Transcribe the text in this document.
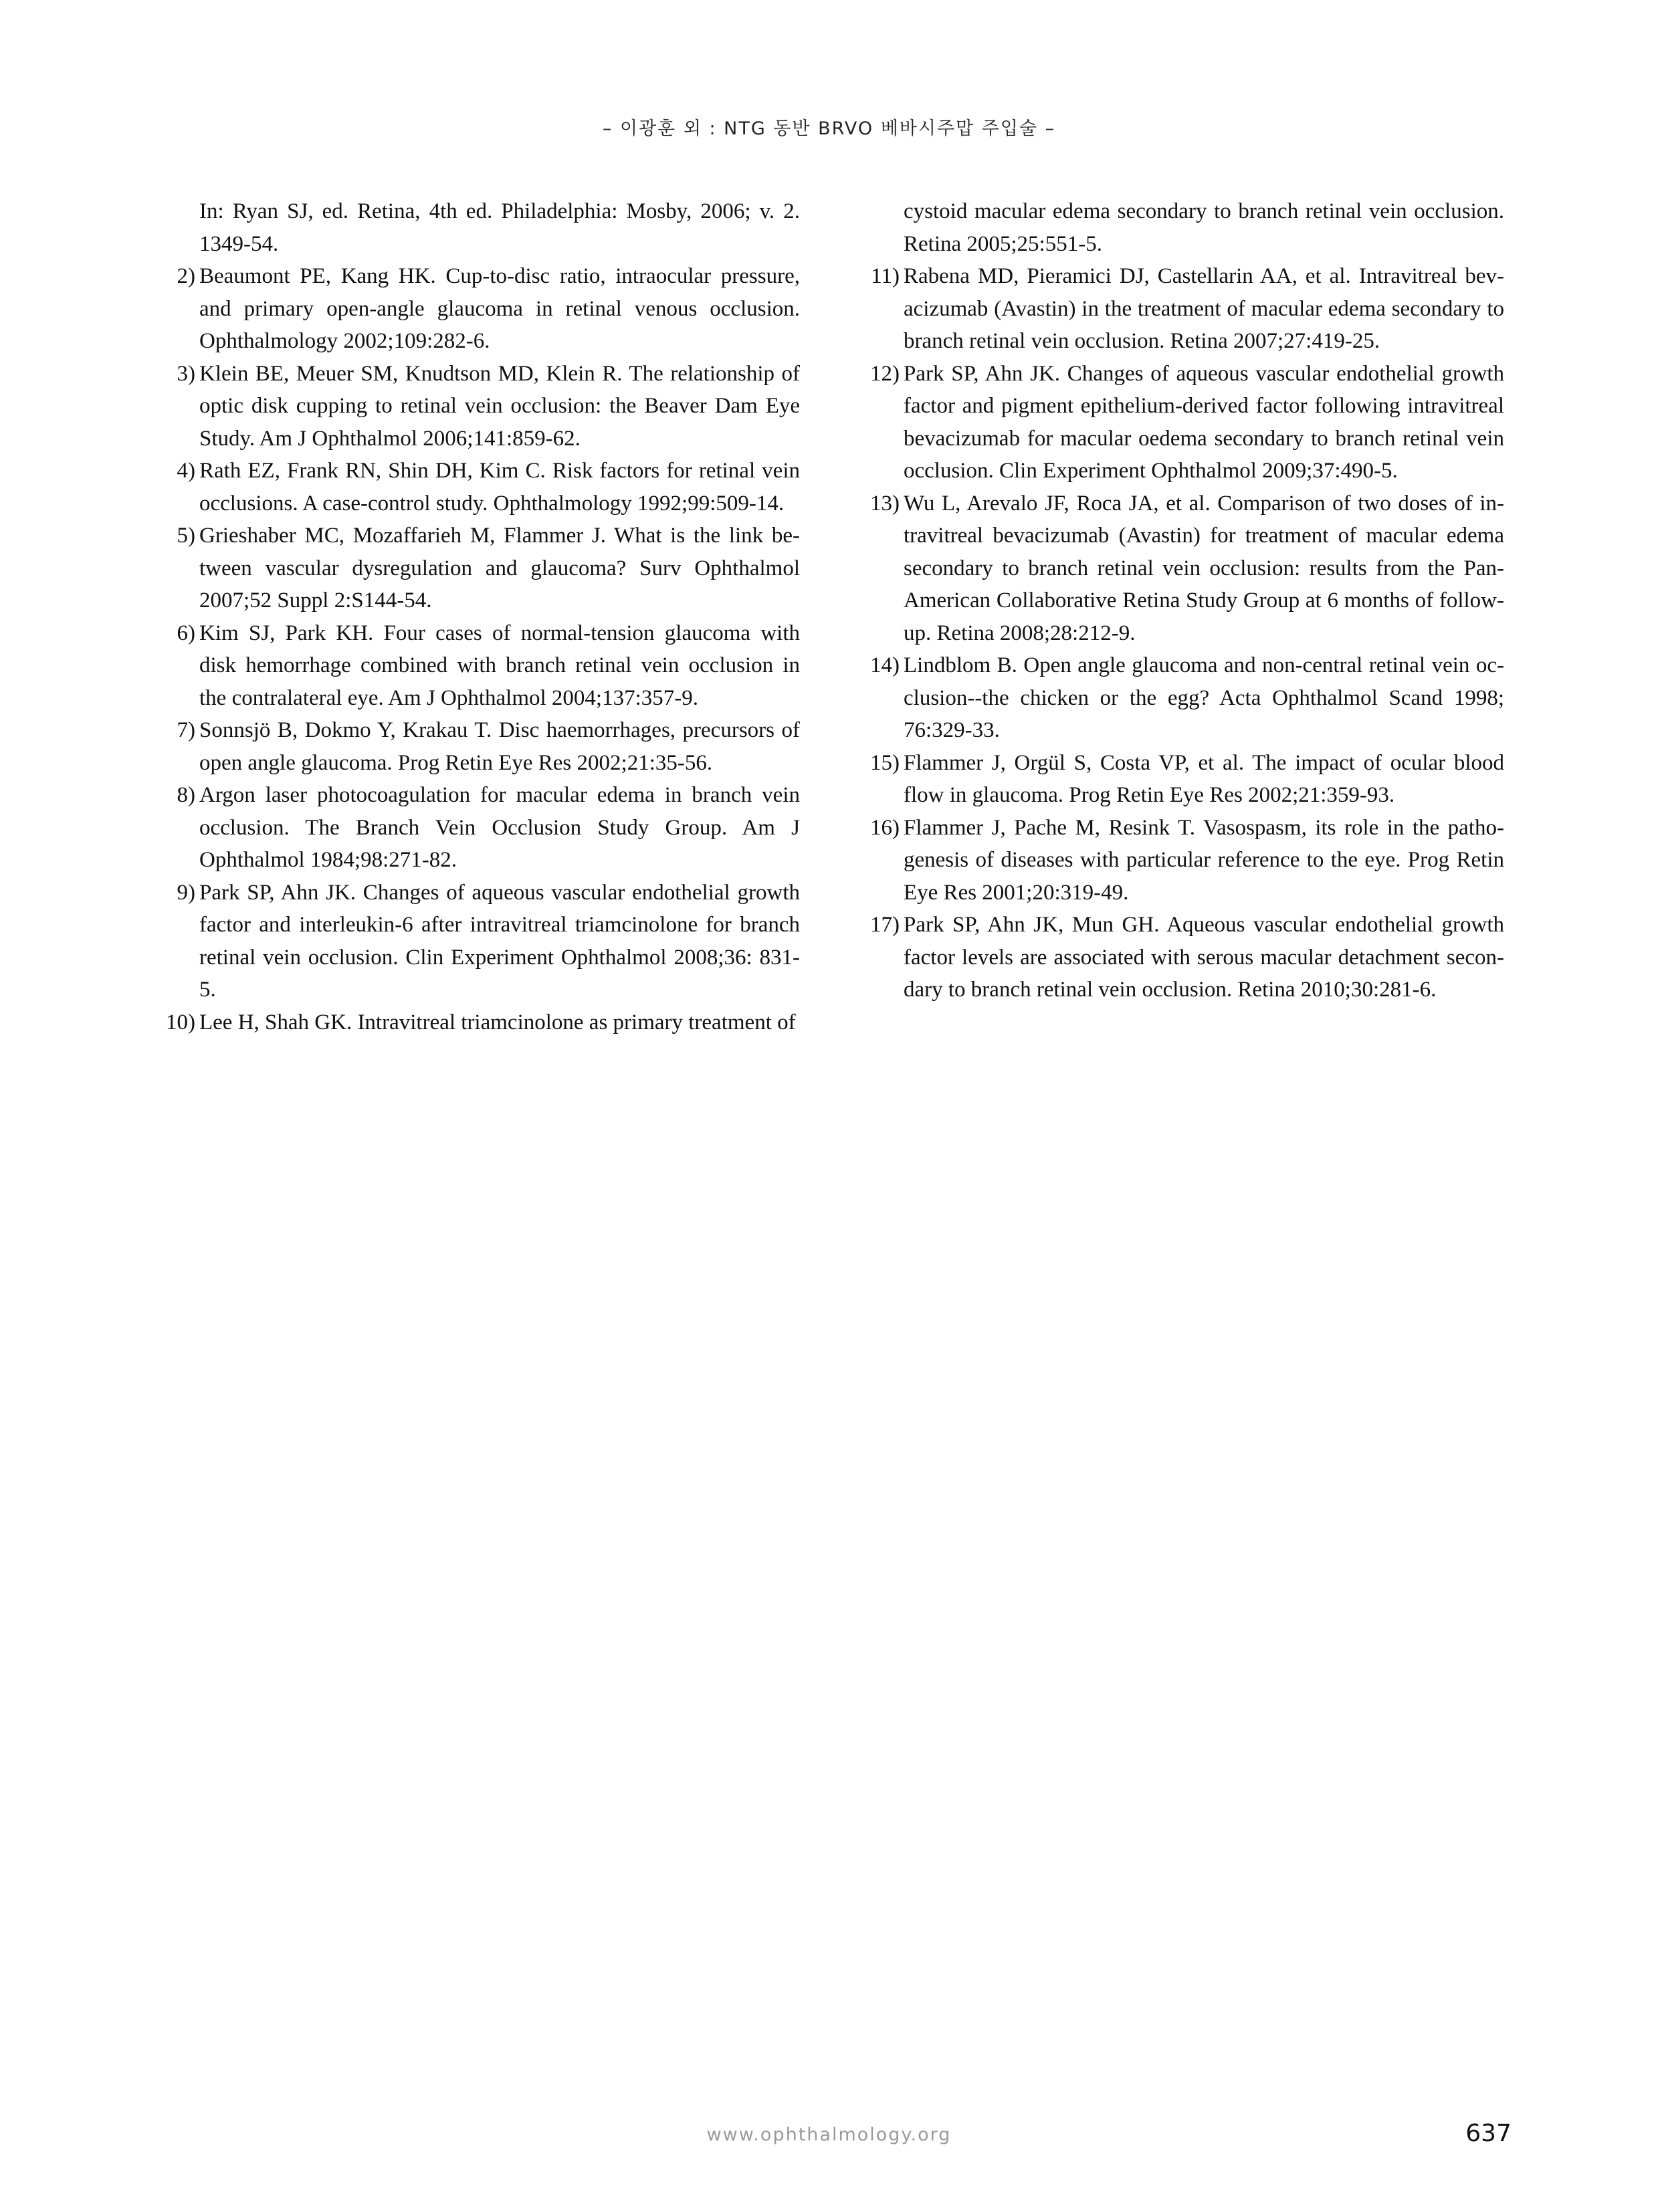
– 이광훈 외 : NTG 동반 BRVO 베바시주맙 주입술 –
In: Ryan SJ, ed. Retina, 4th ed. Philadelphia: Mosby, 2006; v. 2. 1349-54.
2) Beaumont PE, Kang HK. Cup-to-disc ratio, intraocular pressure, and primary open-angle glaucoma in retinal venous occlusion. Ophthalmology 2002;109:282-6.
3) Klein BE, Meuer SM, Knudtson MD, Klein R. The relationship of optic disk cupping to retinal vein occlusion: the Beaver Dam Eye Study. Am J Ophthalmol 2006;141:859-62.
4) Rath EZ, Frank RN, Shin DH, Kim C. Risk factors for retinal vein occlusions. A case-control study. Ophthalmology 1992;99:509-14.
5) Grieshaber MC, Mozaffarieh M, Flammer J. What is the link between vascular dysregulation and glaucoma? Surv Ophthalmol 2007;52 Suppl 2:S144-54.
6) Kim SJ, Park KH. Four cases of normal-tension glaucoma with disk hemorrhage combined with branch retinal vein occlusion in the contralateral eye. Am J Ophthalmol 2004;137:357-9.
7) Sonnsjö B, Dokmo Y, Krakau T. Disc haemorrhages, precursors of open angle glaucoma. Prog Retin Eye Res 2002;21:35-56.
8) Argon laser photocoagulation for macular edema in branch vein occlusion. The Branch Vein Occlusion Study Group. Am J Ophthalmol 1984;98:271-82.
9) Park SP, Ahn JK. Changes of aqueous vascular endothelial growth factor and interleukin-6 after intravitreal triamcinolone for branch retinal vein occlusion. Clin Experiment Ophthalmol 2008;36: 831-5.
10) Lee H, Shah GK. Intravitreal triamcinolone as primary treatment of
cystoid macular edema secondary to branch retinal vein occlusion. Retina 2005;25:551-5.
11) Rabena MD, Pieramici DJ, Castellarin AA, et al. Intravitreal bevacizumab (Avastin) in the treatment of macular edema secondary to branch retinal vein occlusion. Retina 2007;27:419-25.
12) Park SP, Ahn JK. Changes of aqueous vascular endothelial growth factor and pigment epithelium-derived factor following intravitreal bevacizumab for macular oedema secondary to branch retinal vein occlusion. Clin Experiment Ophthalmol 2009;37:490-5.
13) Wu L, Arevalo JF, Roca JA, et al. Comparison of two doses of intravitreal bevacizumab (Avastin) for treatment of macular edema secondary to branch retinal vein occlusion: results from the Pan-American Collaborative Retina Study Group at 6 months of follow-up. Retina 2008;28:212-9.
14) Lindblom B. Open angle glaucoma and non-central retinal vein occlusion--the chicken or the egg? Acta Ophthalmol Scand 1998; 76:329-33.
15) Flammer J, Orgül S, Costa VP, et al. The impact of ocular blood flow in glaucoma. Prog Retin Eye Res 2002;21:359-93.
16) Flammer J, Pache M, Resink T. Vasospasm, its role in the pathogenesis of diseases with particular reference to the eye. Prog Retin Eye Res 2001;20:319-49.
17) Park SP, Ahn JK, Mun GH. Aqueous vascular endothelial growth factor levels are associated with serous macular detachment secondary to branch retinal vein occlusion. Retina 2010;30:281-6.
www.ophthalmology.org	637
